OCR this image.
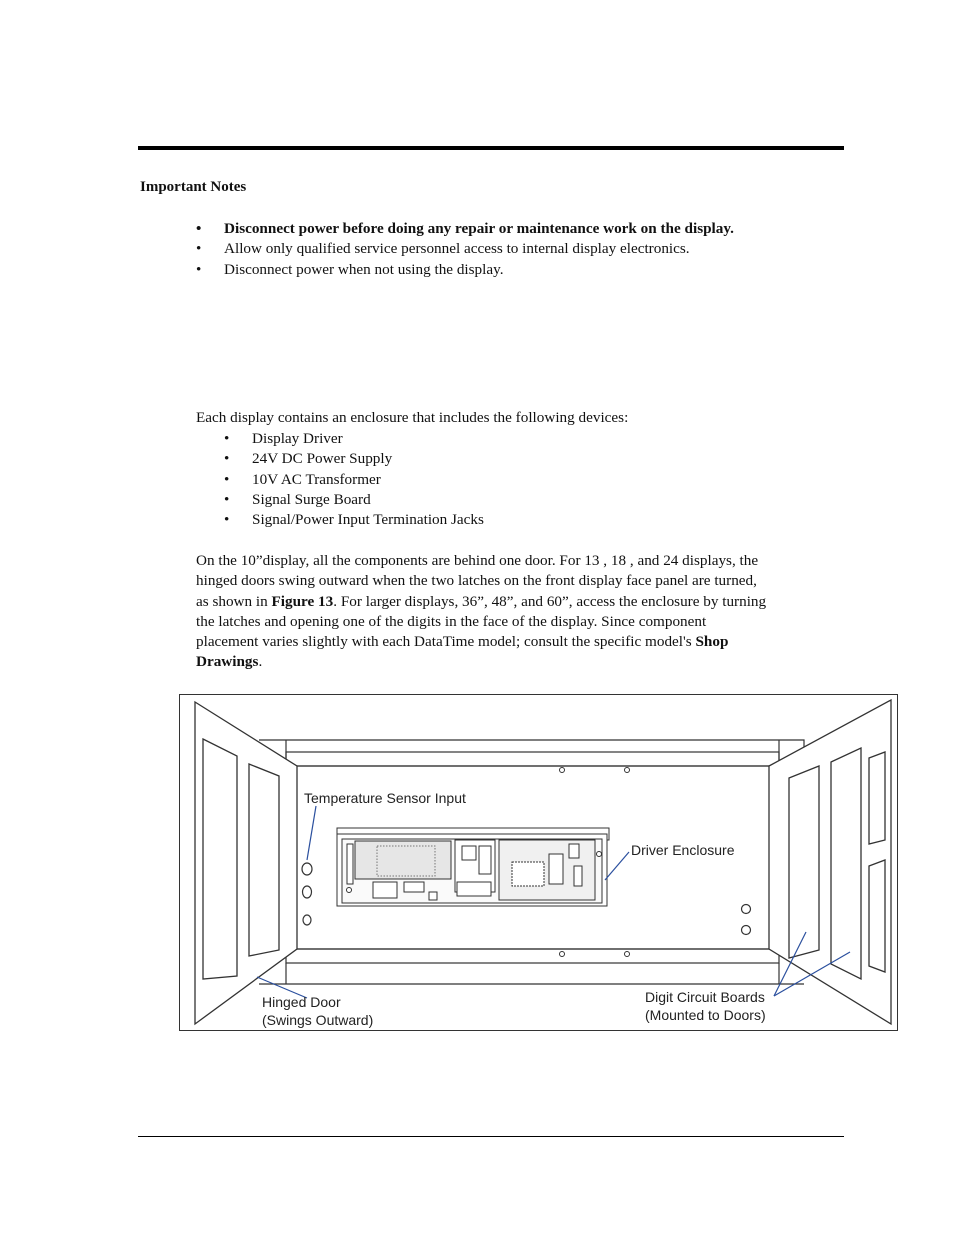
Important Notes
• Disconnect power before doing any repair or maintenance work on the display.
• Allow only qualified service personnel access to internal display electronics.
• Disconnect power when not using the display.
Each display contains an enclosure that includes the following devices:
• Display Driver
• 24V DC Power Supply
• 10V AC Transformer
• Signal Surge Board
• Signal/Power Input Termination Jacks
On the 10”display, all the components are behind one door. For 13 , 18 , and 24 displays, the
hinged doors swing outward when the two latches on the front display face panel are turned,
as shown in Figure 13. For larger displays, 36”, 48”, and 60”, access the enclosure by turning
the latches and opening one of the digits in the face of the display. Since component
placement varies slightly with each DataTime model; consult the specific model's Shop
Drawings.
Temperature Sensor Input
Driver Enclosure
Hinged Door
(Swings Outward)
Digit Circuit Boards
(Mounted to Doors)
